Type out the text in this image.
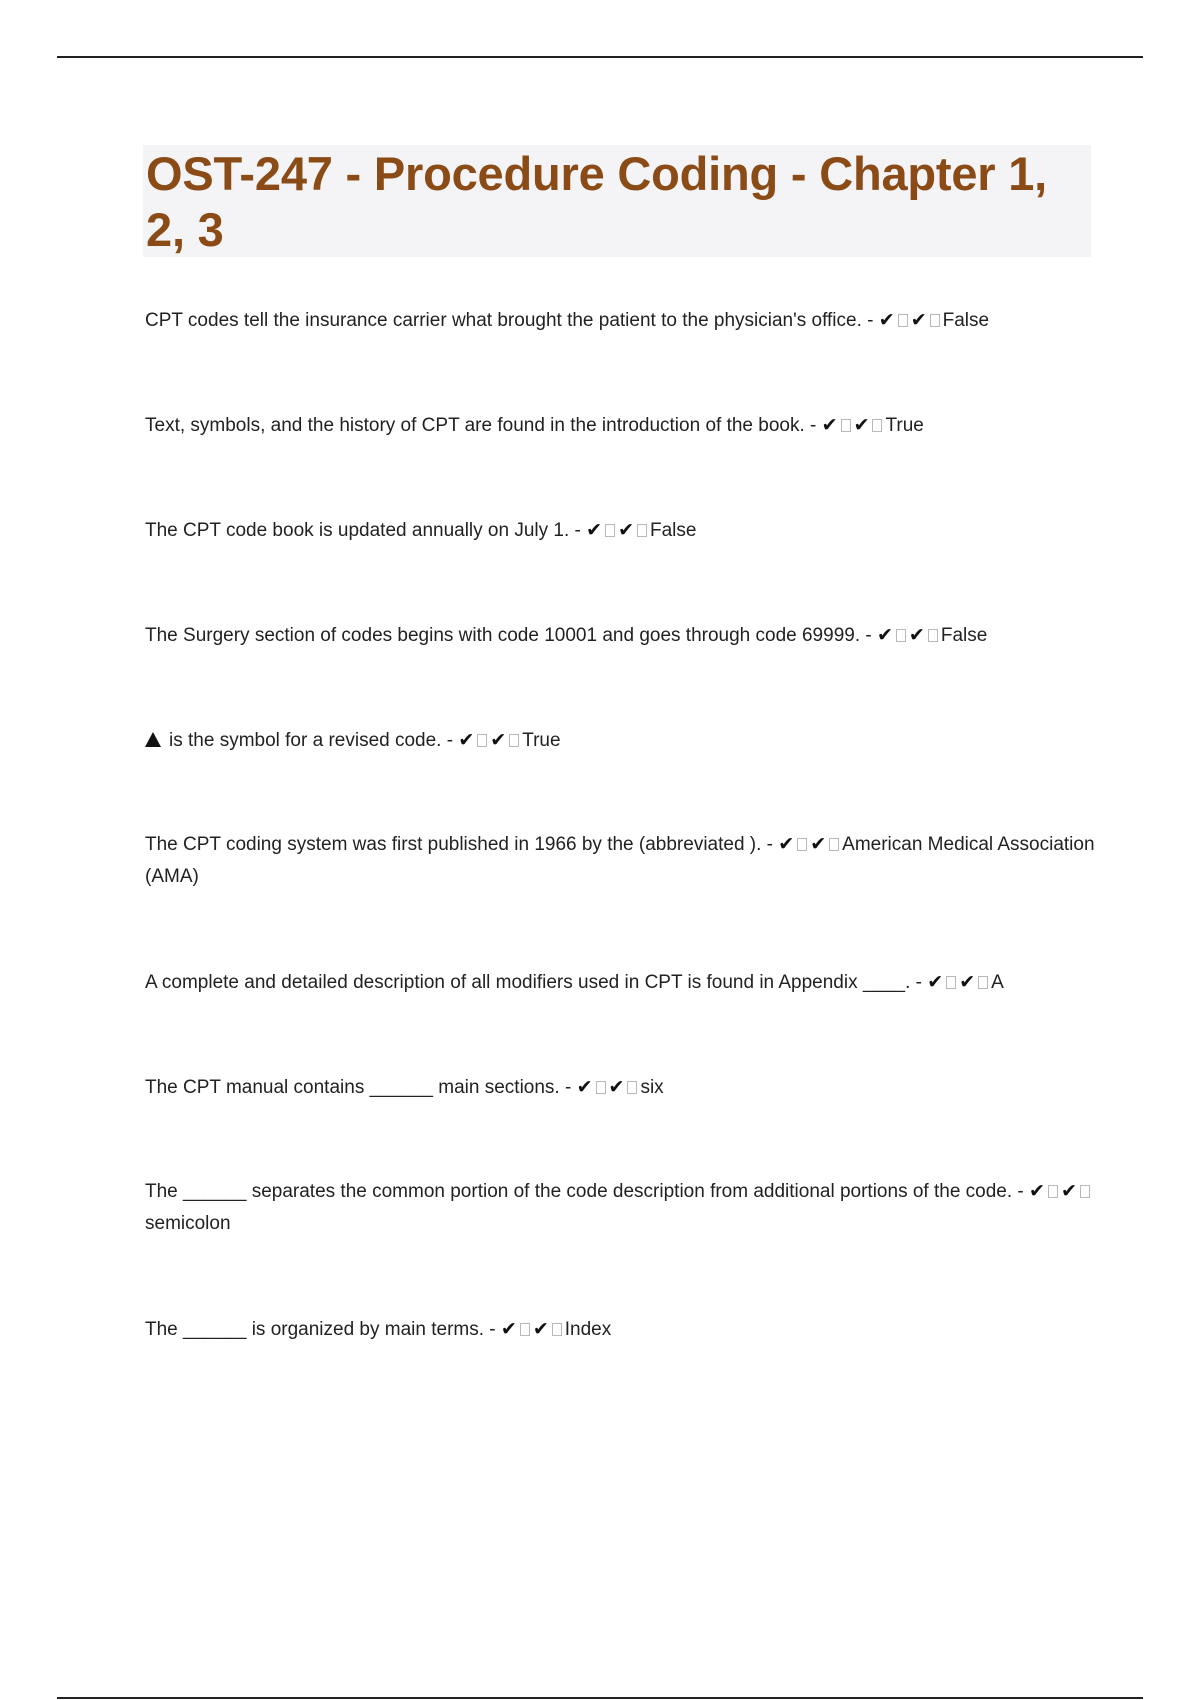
OST-247 - Procedure Coding - Chapter 1, 2, 3

CPT codes tell the insurance carrier what brought the patient to the physician's office. - ✔ ✔ False

Text, symbols, and the history of CPT are found in the introduction of the book. - ✔ ✔ True

The CPT code book is updated annually on July 1. - ✔ ✔ False

The Surgery section of codes begins with code 10001 and goes through code 69999. - ✔ ✔ False

is the symbol for a revised code. - ✔ ✔ True

The CPT coding system was first published in 1966 by the (abbreviated ). - ✔ ✔ American Medical Association (AMA)

A complete and detailed description of all modifiers used in CPT is found in Appendix ____. - ✔ ✔ A

The CPT manual contains ______ main sections. - ✔ ✔ six

The ______ separates the common portion of the code description from additional portions of the code. - ✔ ✔semicolon

The ______ is organized by main terms. - ✔ ✔ Index
